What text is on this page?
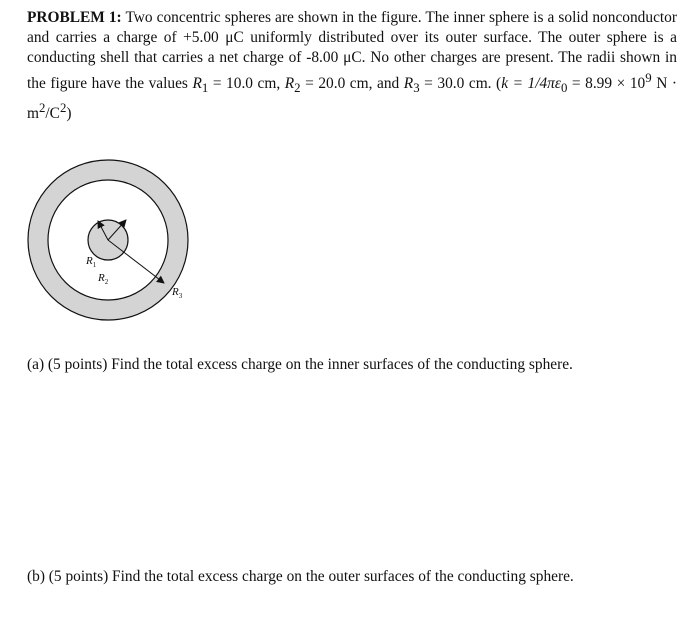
PROBLEM 1: Two concentric spheres are shown in the figure. The inner sphere is a solid nonconductor and carries a charge of +5.00 μC uniformly distributed over its outer surface. The outer sphere is a conducting shell that carries a net charge of -8.00 μC. No other charges are present. The radii shown in the figure have the values $R_1 = 10.0$ cm, $R_2 = 20.0$ cm, and $R_3 = 30.0$ cm. ($k = 1/4\pi\varepsilon_0 = 8.99 \times 10^9$ $N \cdot m^2/C^2$)
$R_1$
$R_2$
$R_3$
(a) (5 points) Find the total excess charge on the inner surfaces of the conducting sphere.
(b) (5 points) Find the total excess charge on the outer surfaces of the conducting sphere.
